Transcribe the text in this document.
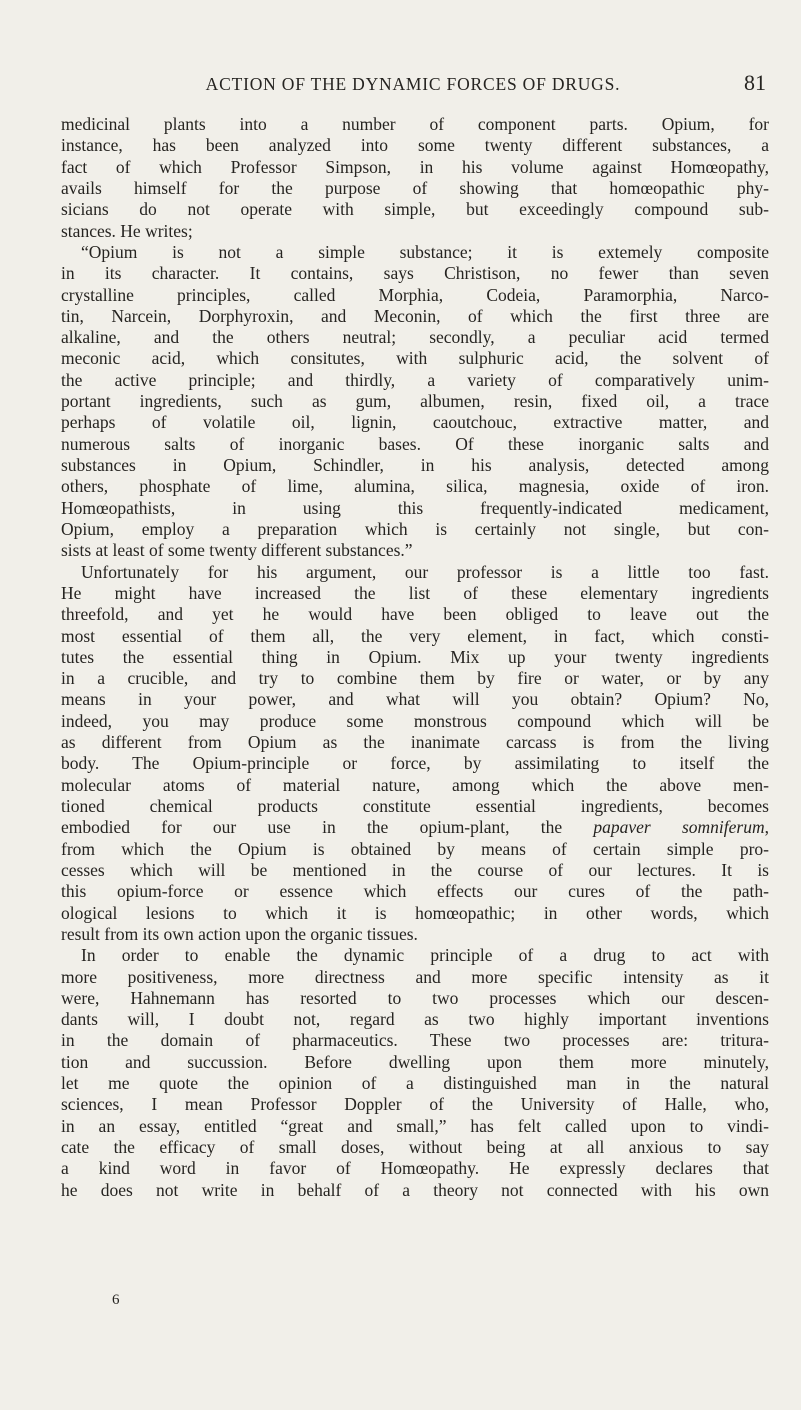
ACTION OF THE DYNAMIC FORCES OF DRUGS.	81
medicinal plants into a number of component parts. Opium, for
instance, has been analyzed into some twenty different substances, a
fact of which Professor Simpson, in his volume against Homœopathy,
avails himself for the purpose of showing that homœopathic phy-
sicians do not operate with simple, but exceedingly compound sub-
stances. He writes;
“Opium is not a simple substance; it is extemely composite
in its character. It contains, says Christison, no fewer than seven
crystalline principles, called Morphia, Codeia, Paramorphia, Narco-
tin, Narcein, Dorphyroxin, and Meconin, of which the first three are
alkaline, and the others neutral; secondly, a peculiar acid termed
meconic acid, which consitutes, with sulphuric acid, the solvent of
the active principle; and thirdly, a variety of comparatively unim-
portant ingredients, such as gum, albumen, resin, fixed oil, a trace
perhaps of volatile oil, lignin, caoutchouc, extractive matter, and
numerous salts of inorganic bases. Of these inorganic salts and
substances in Opium, Schindler, in his analysis, detected among
others, phosphate of lime, alumina, silica, magnesia, oxide of iron.
Homœopathists, in using this frequently-indicated medicament,
Opium, employ a preparation which is certainly not single, but con-
sists at least of some twenty different substances.”
Unfortunately for his argument, our professor is a little too fast.
He might have increased the list of these elementary ingredients
threefold, and yet he would have been obliged to leave out the
most essential of them all, the very element, in fact, which consti-
tutes the essential thing in Opium. Mix up your twenty ingredients
in a crucible, and try to combine them by fire or water, or by any
means in your power, and what will you obtain? Opium? No,
indeed, you may produce some monstrous compound which will be
as different from Opium as the inanimate carcass is from the living
body. The Opium-principle or force, by assimilating to itself the
molecular atoms of material nature, among which the above men-
tioned chemical products constitute essential ingredients, becomes
embodied for our use in the opium-plant, the papaver somniferum,
from which the Opium is obtained by means of certain simple pro-
cesses which will be mentioned in the course of our lectures. It is
this opium-force or essence which effects our cures of the path-
ological lesions to which it is homœopathic; in other words, which
result from its own action upon the organic tissues.
In order to enable the dynamic principle of a drug to act with
more positiveness, more directness and more specific intensity as it
were, Hahnemann has resorted to two processes which our descen-
dants will, I doubt not, regard as two highly important inventions
in the domain of pharmaceutics. These two processes are: tritura-
tion and succussion. Before dwelling upon them more minutely,
let me quote the opinion of a distinguished man in the natural
sciences, I mean Professor Doppler of the University of Halle, who,
in an essay, entitled “great and small,” has felt called upon to vindi-
cate the efficacy of small doses, without being at all anxious to say
a kind word in favor of Homœopathy. He expressly declares that
he does not write in behalf of a theory not connected with his own
6
